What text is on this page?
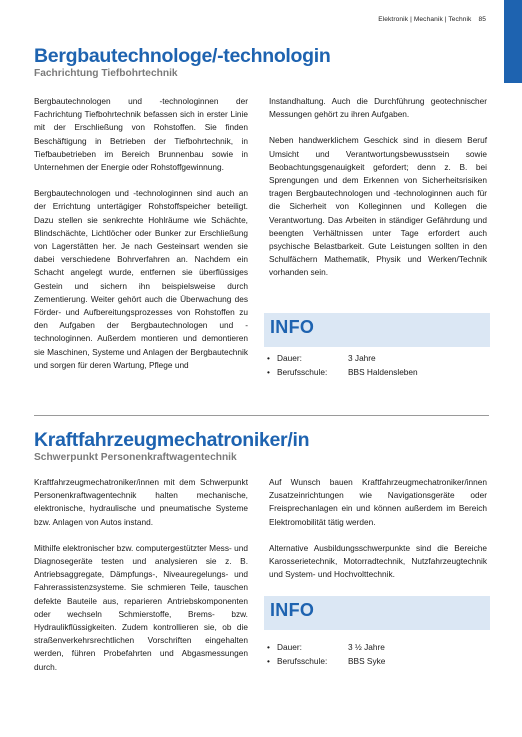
Elektronik | Mechanik | Technik 85
Bergbautechnologe/-technologin
Fachrichtung Tiefbohrtechnik

Bergbautechnologen und -technologinnen der Fachrichtung Tiefbohrtechnik befassen sich in erster Linie mit der Erschließung von Rohstoffen. Sie finden Beschäftigung in Betrieben der Tiefbohrtechnik, in Tiefbaubetrieben im Bereich Brunnenbau sowie in Unternehmen der Energie oder Rohstoffgewinnung.

Bergbautechnologen und -technologinnen sind auch an der Errichtung untertägiger Rohstoffspeicher beteiligt. Dazu stellen sie senkrechte Hohlräume wie Schächte, Blindschächte, Lichtlöcher oder Bunker zur Erschließung von Lagerstätten her. Je nach Gesteinsart wenden sie dabei verschiedene Bohrverfahren an. Nachdem ein Schacht angelegt wurde, entfernen sie überflüssiges Gestein und sichern ihn beispielsweise durch Zementierung. Weiter gehört auch die Überwachung des Förder- und Aufbereitungsprozesses von Rohstoffen zu den Aufgaben der Bergbautechnologen und -technologinnen. Außerdem montieren und demontieren sie Maschinen, Systeme und Anlagen der Bergbautechnik und sorgen für deren Wartung, Pflege und

Instandhaltung. Auch die Durchführung geotechnischer Messungen gehört zu ihren Aufgaben.

Neben handwerklichem Geschick sind in diesem Beruf Umsicht und Verantwortungsbewusstsein sowie Beobachtungsgenauigkeit gefordert; denn z. B. bei Sprengungen und dem Erkennen von Sicherheitsrisiken tragen Bergbautechnologen und -technologinnen auch für die Sicherheit von Kolleginnen und Kollegen die Verantwortung. Das Arbeiten in ständiger Gefährdung und beengten Verhältnissen unter Tage erfordert auch psychische Belastbarkeit. Gute Leistungen sollten in den Schulfächern Mathematik, Physik und Werken/Technik vorhanden sein.

INFO
• Dauer:	3 Jahre
• Berufsschule:	BBS Haldensleben
Kraftfahrzeugmechatroniker/in
Schwerpunkt Personenkraftwagentechnik

Kraftfahrzeugmechatroniker/innen mit dem Schwerpunkt Personenkraftwagentechnik halten mechanische, elektronische, hydraulische und pneumatische Systeme bzw. Anlagen von Autos instand.

Mithilfe elektronischer bzw. computergestützter Mess- und Diagnosegeräte testen und analysieren sie z. B. Antriebsaggregate, Dämpfungs-, Niveauregelungs- und Fahrerassistenzsysteme. Sie schmieren Teile, tauschen defekte Bauteile aus, reparieren Antriebskomponenten oder wechseln Schmierstoffe, Brems- bzw. Hydraulikflüssigkeiten. Zudem kontrollieren sie, ob die straßenverkehrsrechtlichen Vorschriften eingehalten werden, führen Probefahrten und Abgasmessungen durch.

Auf Wunsch bauen Kraftfahrzeugmechatroniker/innen Zusatzeinrichtungen wie Navigationsgeräte oder Freisprechanlagen ein und können außerdem im Bereich Elektromobilität tätig werden.

Alternative Ausbildungsschwerpunkte sind die Bereiche Karosserietechnik, Motorradtechnik, Nutzfahrzeugtechnik und System- und Hochvolttechnik.

INFO
• Dauer:	3 ½ Jahre
• Berufsschule:	BBS Syke
